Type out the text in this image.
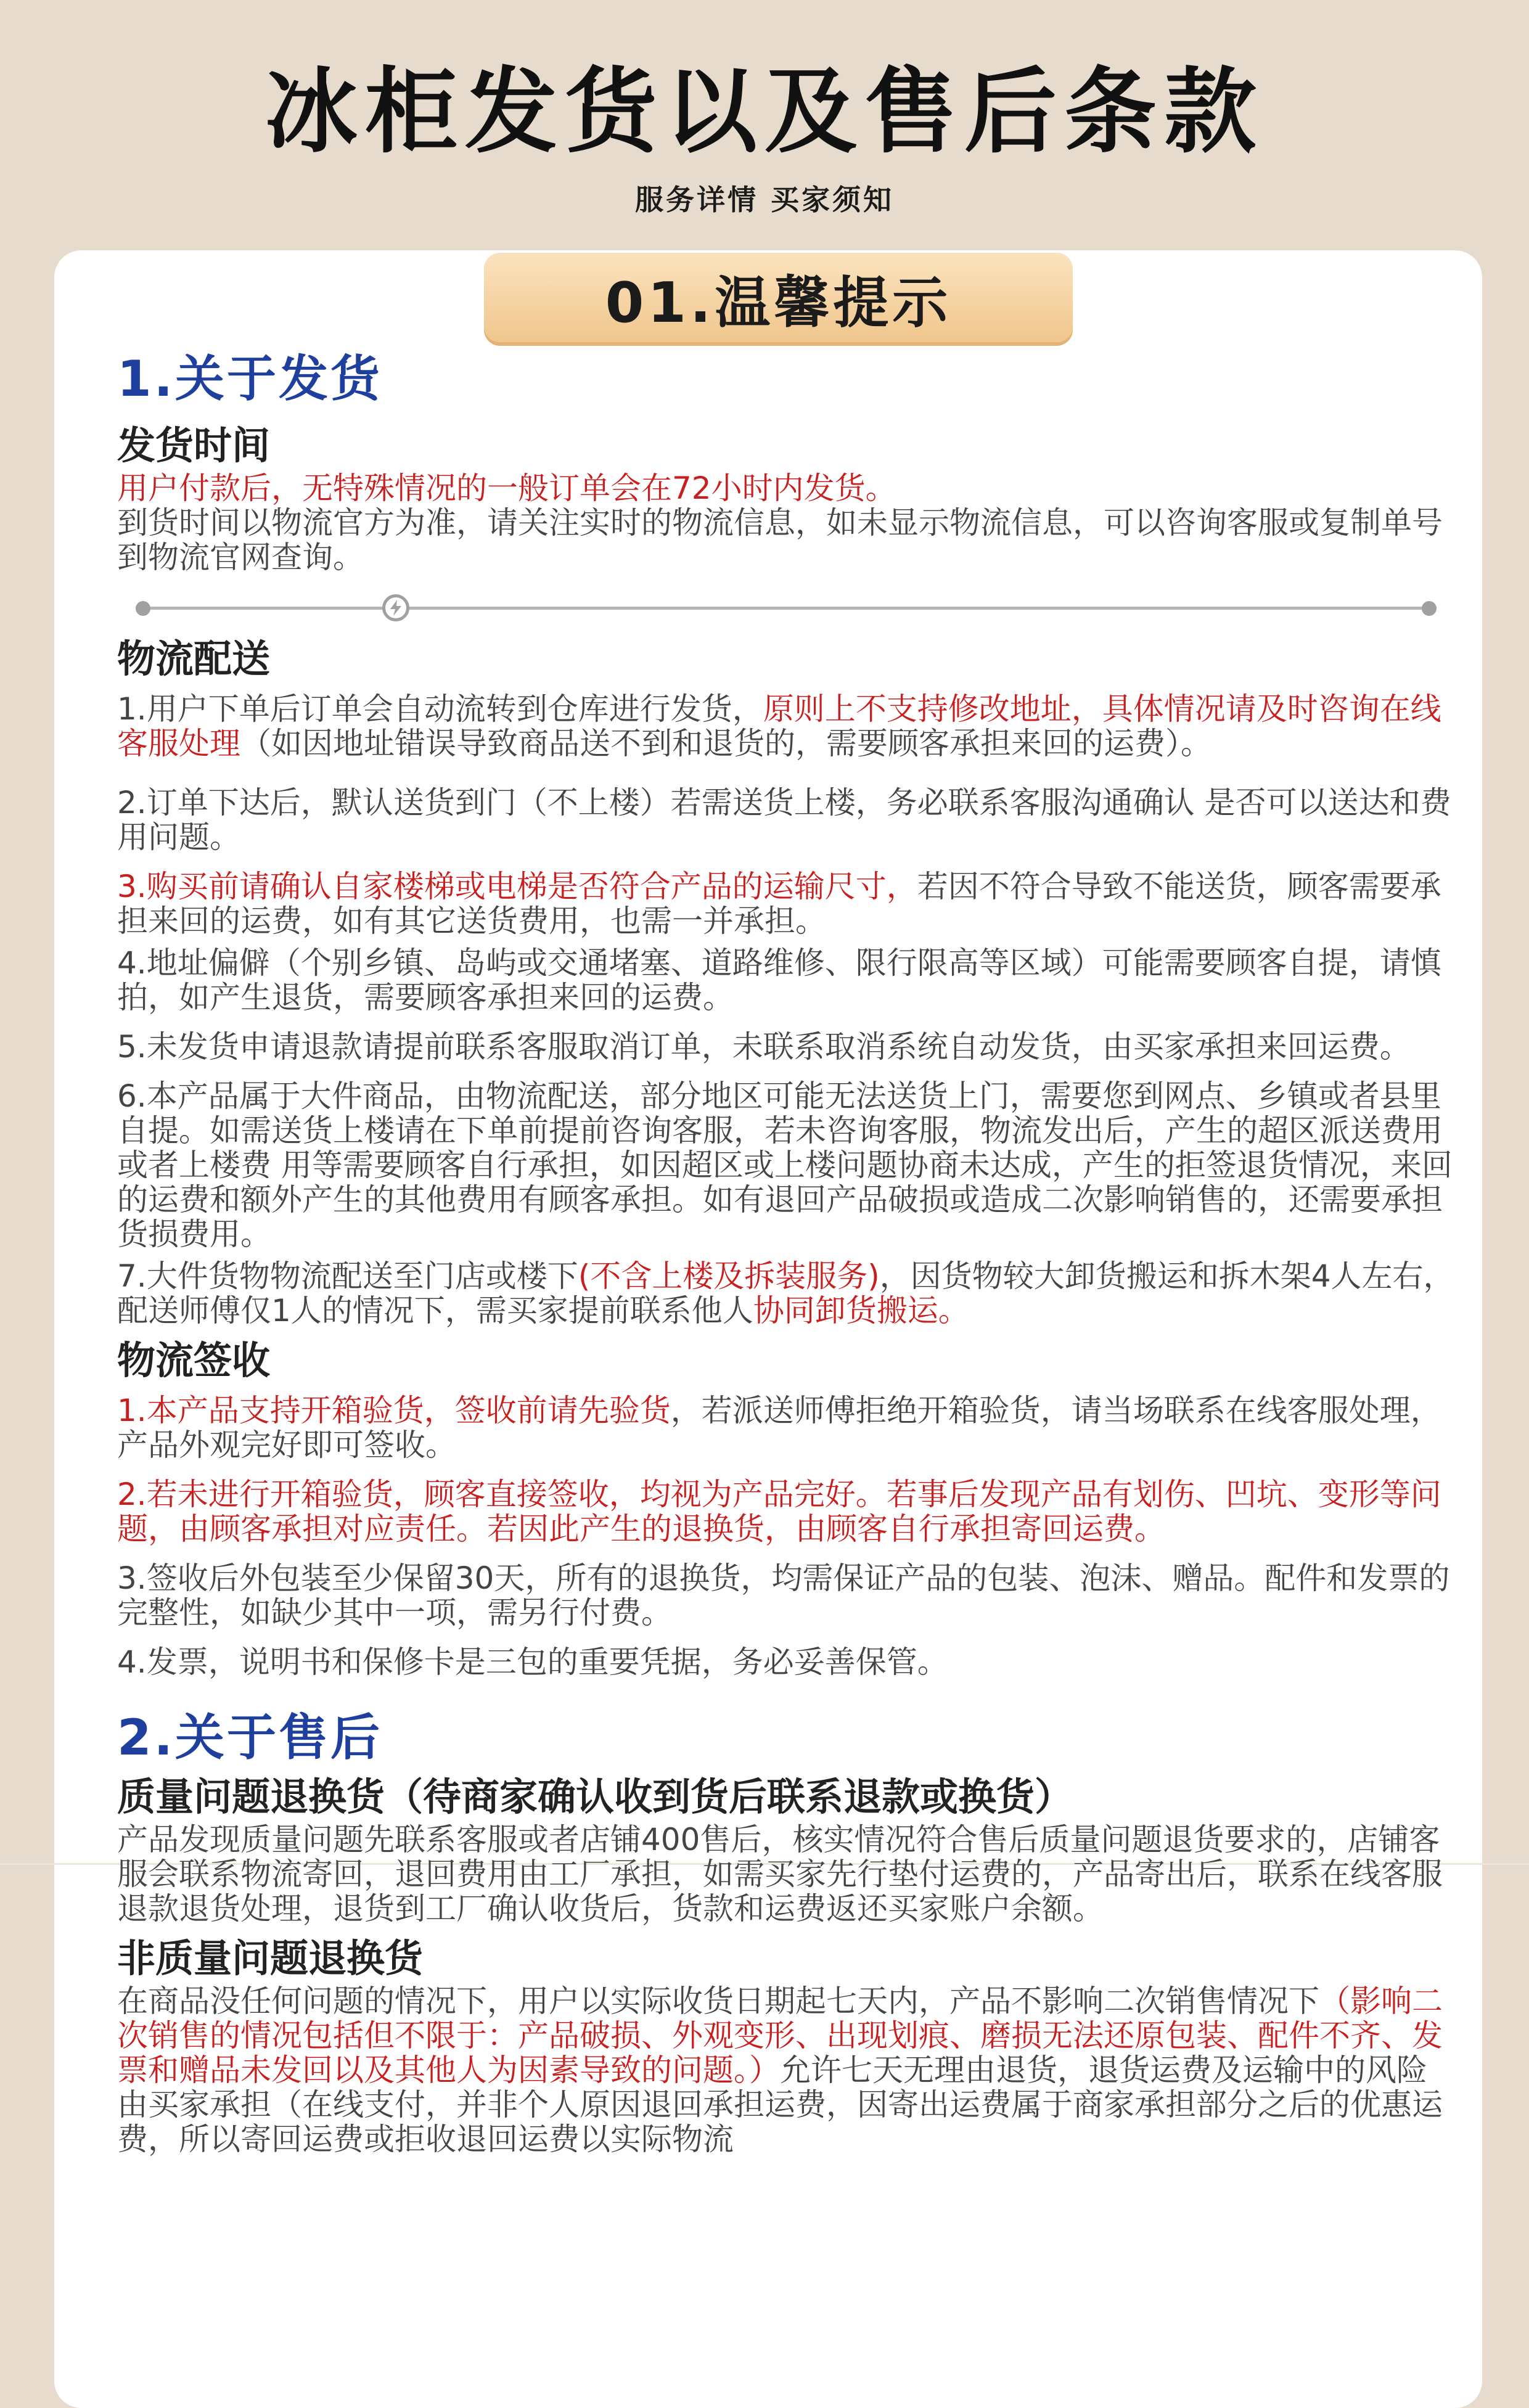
冰柜发货以及售后条款
服务详情 买家须知
01.温馨提示
1.关于发货
发货时间

用户付款后，无特殊情况的一般订单会在72小时内发货。

到货时间以物流官方为准，请关注实时的物流信息，如未显示物流信息，可以咨询客服或复制单号到物流官网查询。

物流配送

1.用户下单后订单会自动流转到仓库进行发货，原则上不支持修改地址，具体情况请及时咨询在线客服处理（如因地址错误导致商品送不到和退货的，需要顾客承担来回的运费）。

2.订单下达后，默认送货到门（不上楼）若需送货上楼，务必联系客服沟通确认 是否可以送达和费用问题。

3.购买前请确认自家楼梯或电梯是否符合产品的运输尺寸，若因不符合导致不能送货，顾客需要承担来回的运费，如有其它送货费用，也需一并承担。

4.地址偏僻（个别乡镇、岛屿或交通堵塞、道路维修、限行限高等区域）可能需要顾客自提，请慎拍，如产生退货，需要顾客承担来回的运费。

5.未发货申请退款请提前联系客服取消订单，未联系取消系统自动发货，由买家承担来回运费。

6.本产品属于大件商品，由物流配送，部分地区可能无法送货上门，需要您到网点、乡镇或者县里自提。如需送货上楼请在下单前提前咨询客服，若未咨询客服，物流发出后，产生的超区派送费用或者上楼费 用等需要顾客自行承担，如因超区或上楼问题协商未达成，产生的拒签退货情况，来回的运费和额外产生的其他费用有顾客承担。如有退回产品破损或造成二次影响销售的，还需要承担货损费用。

7.大件货物物流配送至门店或楼下(不含上楼及拆装服务)，因货物较大卸货搬运和拆木架4人左右，配送师傅仅1人的情况下，需买家提前联系他人协同卸货搬运。

物流签收

1.本产品支持开箱验货，签收前请先验货，若派送师傅拒绝开箱验货，请当场联系在线客服处理，产品外观完好即可签收。

2.若未进行开箱验货，顾客直接签收，均视为产品完好。若事后发现产品有划伤、凹坑、变形等问题，由顾客承担对应责任。若因此产生的退换货，由顾客自行承担寄回运费。

3.签收后外包装至少保留30天，所有的退换货，均需保证产品的包装、泡沫、赠品。配件和发票的完整性，如缺少其中一项，需另行付费。

4.发票，说明书和保修卡是三包的重要凭据，务必妥善保管。

2.关于售后
质量问题退换货（待商家确认收到货后联系退款或换货）

产品发现质量问题先联系客服或者店铺400售后，核实情况符合售后质量问题退货要求的，店铺客服会联系物流寄回，退回费用由工厂承担，如需买家先行垫付运费的，产品寄出后，联系在线客服退款退货处理，退货到工厂确认收货后，货款和运费返还买家账户余额。

非质量问题退换货

在商品没任何问题的情况下，用户以实际收货日期起七天内，产品不影响二次销售情况下（影响二次销售的情况包括但不限于：产品破损、外观变形、出现划痕、磨损无法还原包装、配件不齐、发票和赠品未发回以及其他人为因素导致的问题。）允许七天无理由退货，退货运费及运输中的风险由买家承担（在线支付，并非个人原因退回承担运费，因寄出运费属于商家承担部分之后的优惠运费，所以寄回运费或拒收退回运费以实际物流
